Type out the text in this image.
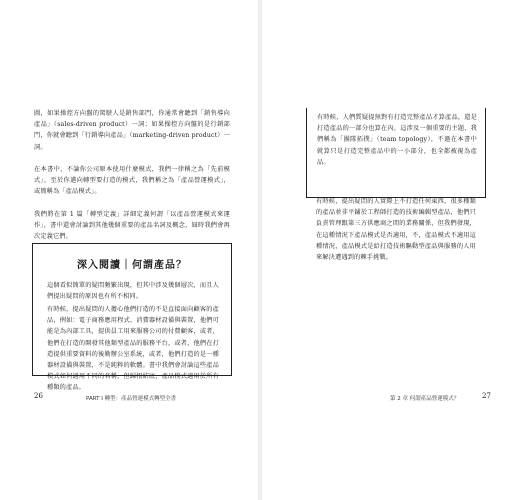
圖，如果操控方向盤的駕駛人是銷售部門，你通常會聽到「銷售導向產品」（sales-driven product）一詞；如果操控方向盤的是行銷部門，你就會聽到「行銷導向產品」（marketing-driven product）一詞。

在本書中，不論你公司原本使用什麼模式，我們一律稱之為「先前模式」，至於你邁向轉型要打造的模式，我們稱之為「產品營運模式」，或簡稱為「產品模式」。

我們將在第 1 篇「轉型定義」詳細定義何謂「以產品營運模式來運作」，書中還會討論到其他幾個重要的產品名詞及概念，屆時我們會再次定義它們。

深入閱讀｜何謂產品？

這個看似簡單的疑問頻繁出現，但其中涉及幾個層次，而且人們提出疑問的原因也有所不相同。

有時候，提出疑問的人擔心他們打造的不是直接面向顧客的產品，例如：電子商務應用程式、消費器材設備與裝置，他們可能是為內部工具，提供員工用來服務公司的付費顧客，或者，他們在打造的開發其他類型產品的服務平台，或者，他們在打造提供重要資料的後勤辦公室系統，或者，他們打造的是一種器材設備與裝置，不是純粹的軟體。書中我們會討論這些產品模式如何適用不同的名稱，但歸根結底，產品模式適用於所有種類的產品。

26	PART I 轉型：產品營運模式轉型全書

有時候，人們質疑提無對有打造完整產品才算產品，還是打造產品的一部分也算在內，這涉及一個重要的主題，我們稱為「團隊拓撲」（team topology），不過在本書中就算只是打造完整產品中的一小部分，也全都被視為產品。

有時候，提出疑問的人實際上不打造任何東西，很多種類的產品並非平鋪於工程師打造的技術編輯型產品，他們只負責管理跟第三方供應商之間的業務關係，但我們發現，在這種情況下產品模式是否適用，不，產品模式不適用這種情況，產品模式是給打造技術驅動型產品與服務的人用來解決遭遇到的棘手挑戰。

第 2 章 何謂產品營運模式？	27
